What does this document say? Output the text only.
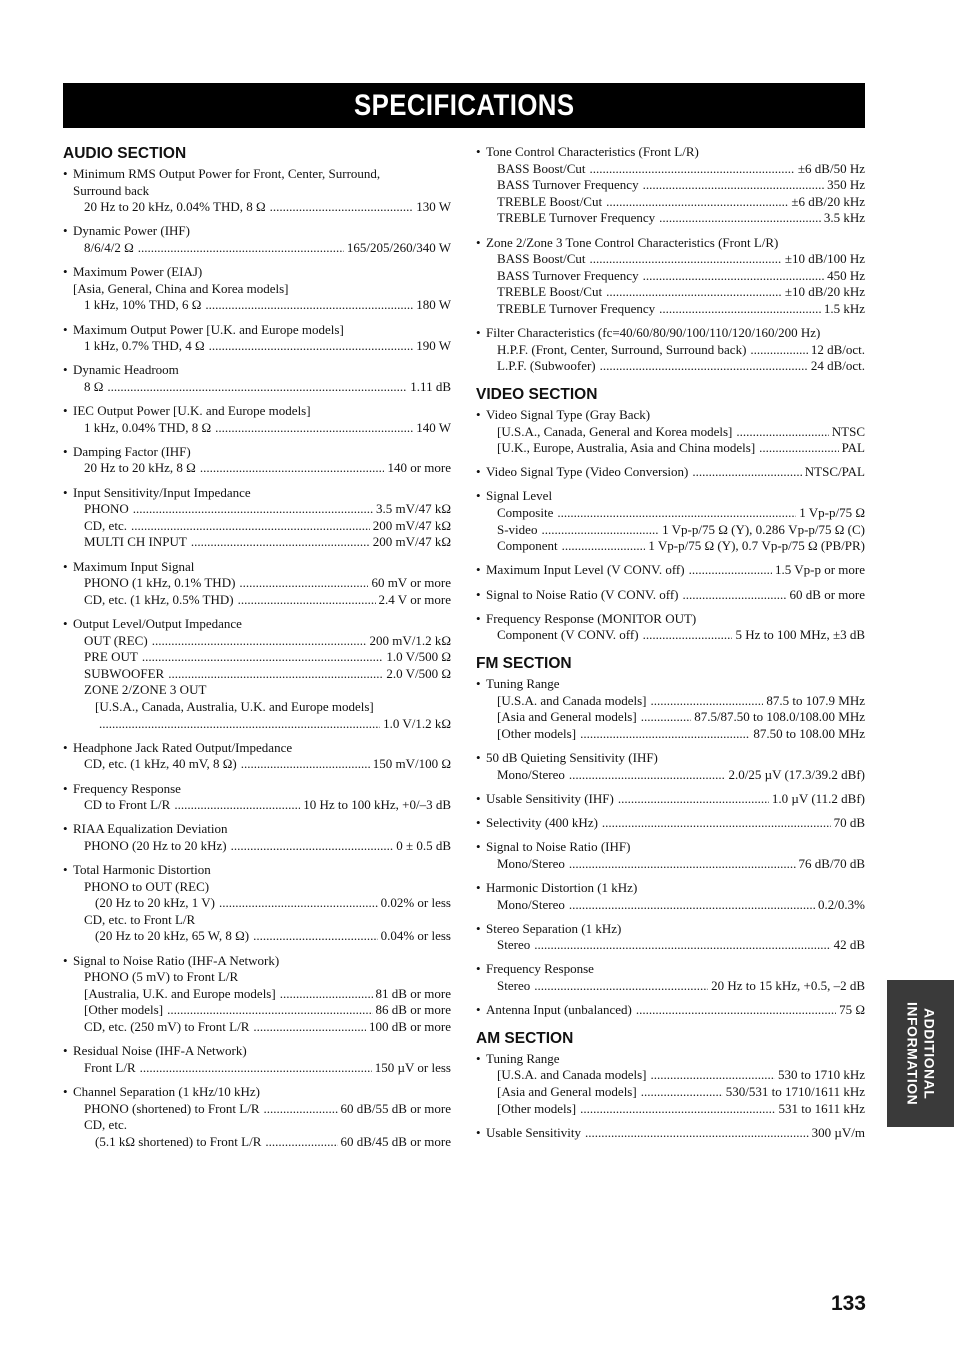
SPECIFICATIONS
AUDIO SECTION
• Minimum RMS Output Power for Front, Center, Surround,
Surround back
20 Hz to 20 kHz, 0.04% THD, 8 Ω .....	130 W
• Dynamic Power (IHF)
8/6/4/2 Ω .....	165/205/260/340 W
• Maximum Power (EIAJ)
[Asia, General, China and Korea models]
1 kHz, 10% THD, 6 Ω .....	180 W
• Maximum Output Power [U.K. and Europe models]
1 kHz, 0.7% THD, 4 Ω .....	190 W
• Dynamic Headroom
8 Ω .....	1.11 dB
• IEC Output Power [U.K. and Europe models]
1 kHz, 0.04% THD, 8 Ω .....	140 W
• Damping Factor (IHF)
20 Hz to 20 kHz, 8 Ω .....	140 or more
• Input Sensitivity/Input Impedance
PHONO .....	3.5 mV/47 kΩ
CD, etc. .....	200 mV/47 kΩ
MULTI CH INPUT .....	200 mV/47 kΩ
• Maximum Input Signal
PHONO (1 kHz, 0.1% THD) .....	60 mV or more
CD, etc. (1 kHz, 0.5% THD) .....	2.4 V or more
• Output Level/Output Impedance
OUT (REC) .....	200 mV/1.2 kΩ
PRE OUT .....	1.0 V/500 Ω
SUBWOOFER .....	2.0 V/500 Ω
ZONE 2/ZONE 3 OUT
[U.S.A., Canada, Australia, U.K. and Europe models]
.....
1.0 V/1.2 kΩ
• Headphone Jack Rated Output/Impedance
CD, etc. (1 kHz, 40 mV, 8 Ω) .....	150 mV/100 Ω
• Frequency Response
CD to Front L/R .....	10 Hz to 100 kHz, +0/–3 dB
• RIAA Equalization Deviation
PHONO (20 Hz to 20 kHz) .....	0 ± 0.5 dB
• Total Harmonic Distortion
PHONO to OUT (REC)
(20 Hz to 20 kHz, 1 V) .....	0.02% or less
CD, etc. to Front L/R
(20 Hz to 20 kHz, 65 W, 8 Ω) .....	0.04% or less
• Signal to Noise Ratio (IHF-A Network)
PHONO (5 mV) to Front L/R
[Australia, U.K. and Europe models] .....	81 dB or more
[Other models] .....	86 dB or more
CD, etc. (250 mV) to Front L/R .....	100 dB or more
• Residual Noise (IHF-A Network)
Front L/R .....	150 µV or less
• Channel Separation (1 kHz/10 kHz)
PHONO (shortened) to Front L/R .....	60 dB/55 dB or more
CD, etc.
(5.1 kΩ shortened) to Front L/R .....	60 dB/45 dB or more
• Tone Control Characteristics (Front L/R)
BASS Boost/Cut .....	±6 dB/50 Hz
BASS Turnover Frequency .....	350 Hz
TREBLE Boost/Cut .....	±6 dB/20 kHz
TREBLE Turnover Frequency .....	3.5 kHz
• Zone 2/Zone 3 Tone Control Characteristics (Front L/R)
BASS Boost/Cut .....	±10 dB/100 Hz
BASS Turnover Frequency .....	450 Hz
TREBLE Boost/Cut .....	±10 dB/20 kHz
TREBLE Turnover Frequency .....	1.5 kHz
• Filter Characteristics (fc=40/60/80/90/100/110/120/160/200 Hz)
H.P.F. (Front, Center, Surround, Surround back) .....	12 dB/oct.
L.P.F. (Subwoofer) .....	24 dB/oct.
VIDEO SECTION
• Video Signal Type (Gray Back)
[U.S.A., Canada, General and Korea models] .....	NTSC
[U.K., Europe, Australia, Asia and China models] .....	PAL
• Video Signal Type (Video Conversion) .....	NTSC/PAL
• Signal Level
Composite .....	1 Vp-p/75 Ω
S-video .....	1 Vp-p/75 Ω (Y), 0.286 Vp-p/75 Ω (C)
Component .....	1 Vp-p/75 Ω (Y), 0.7 Vp-p/75 Ω (PB/PR)
• Maximum Input Level (V CONV. off) .....	1.5 Vp-p or more
• Signal to Noise Ratio (V CONV. off) .....	60 dB or more
• Frequency Response (MONITOR OUT)
Component (V CONV. off) .....	5 Hz to 100 MHz, ±3 dB
FM SECTION
• Tuning Range
[U.S.A. and Canada models] .....	87.5 to 107.9 MHz
[Asia and General models] .....	87.5/87.50 to 108.0/108.00 MHz
[Other models] .....	87.50 to 108.00 MHz
• 50 dB Quieting Sensitivity (IHF)
Mono/Stereo .....	2.0/25 µV (17.3/39.2 dBf)
• Usable Sensitivity (IHF) .....	1.0 µV (11.2 dBf)
• Selectivity (400 kHz) .....	70 dB
• Signal to Noise Ratio (IHF)
Mono/Stereo .....	76 dB/70 dB
• Harmonic Distortion (1 kHz)
Mono/Stereo .....	0.2/0.3%
• Stereo Separation (1 kHz)
Stereo .....	42 dB
• Frequency Response
Stereo .....	20 Hz to 15 kHz, +0.5, –2 dB
• Antenna Input (unbalanced) .....	75 Ω
AM SECTION
• Tuning Range
[U.S.A. and Canada models] .....	530 to 1710 kHz
[Asia and General models] .....	530/531 to 1710/1611 kHz
[Other models] .....	531 to 1611 kHz
• Usable Sensitivity .....	300 µV/m
ADDITIONAL
INFORMATION
133
